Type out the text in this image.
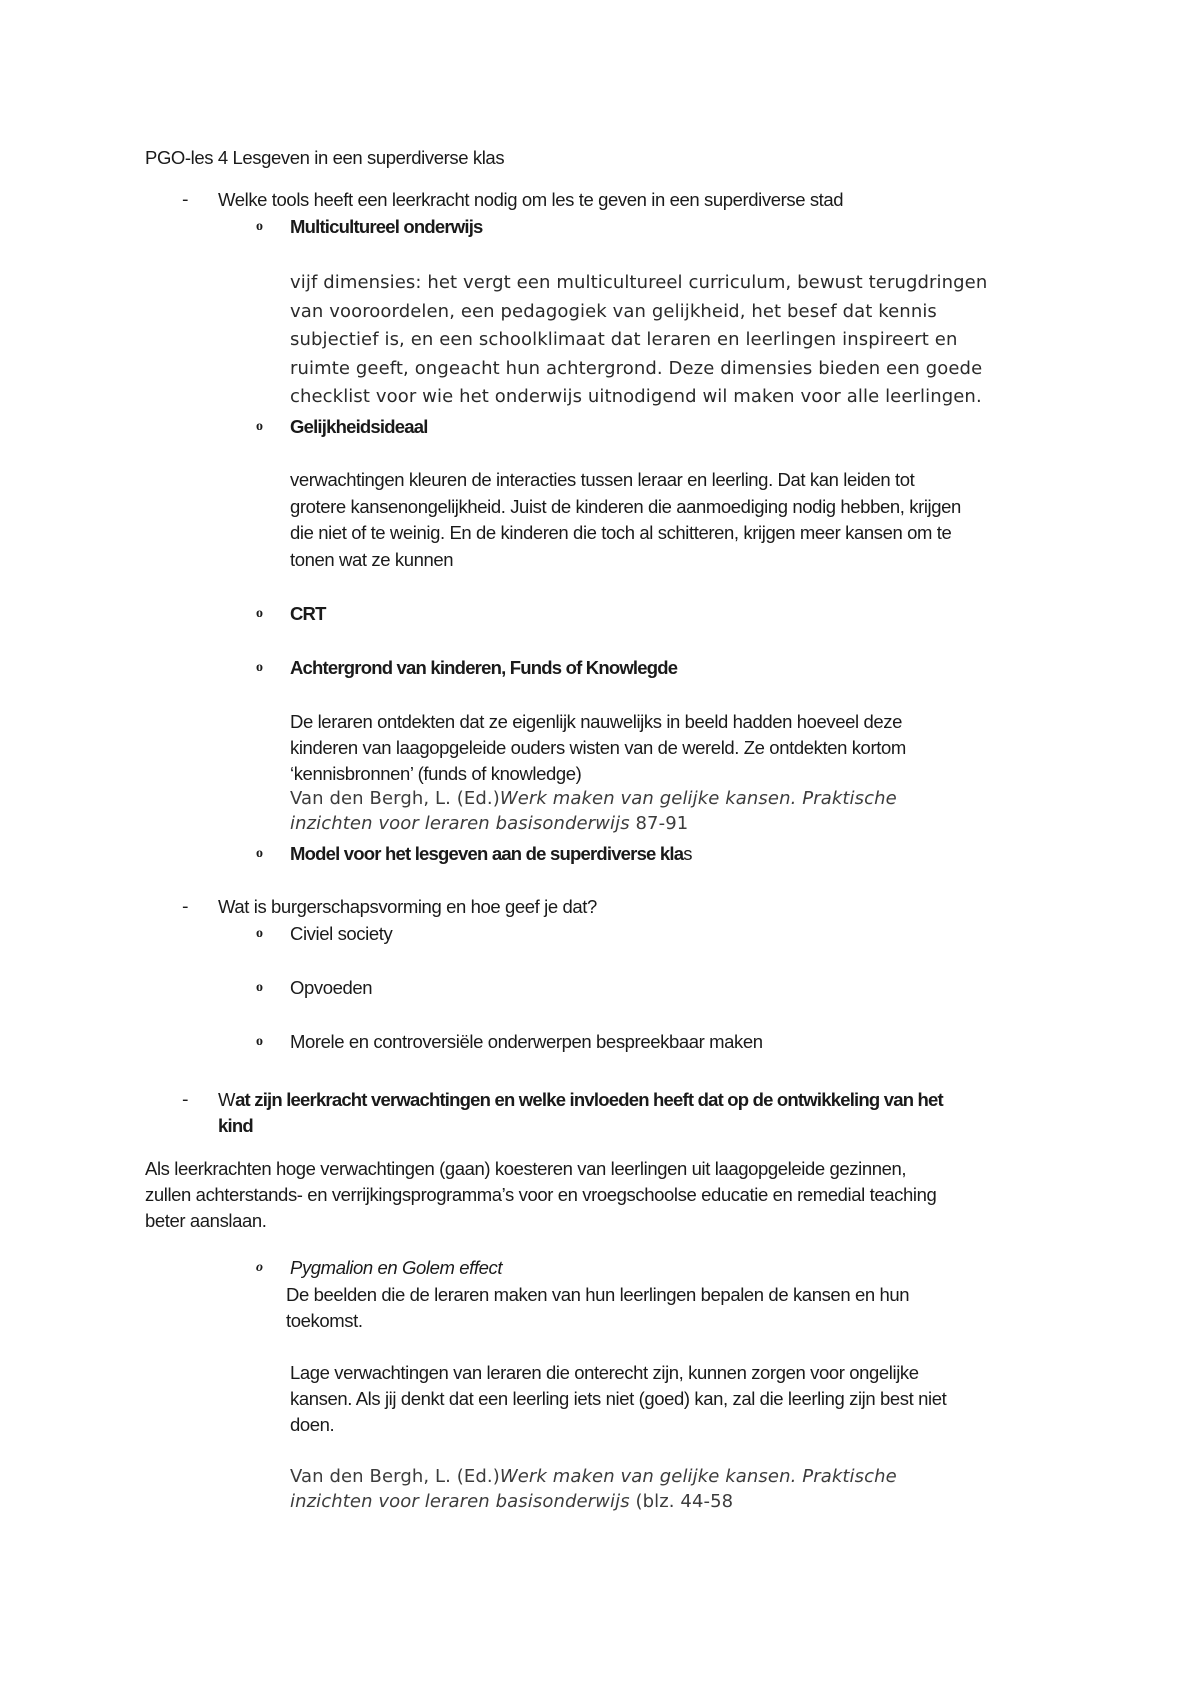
PGO-les 4 Lesgeven in een superdiverse klas
- Welke tools heeft een leerkracht nodig om les te geven in een superdiverse stad
o Multicultureel onderwijs
vijf dimensies: het vergt een multicultureel curriculum, bewust terugdringen
van vooroordelen, een pedagogiek van gelijkheid, het besef dat kennis
subjectief is, en een schoolklimaat dat leraren en leerlingen inspireert en
ruimte geeft, ongeacht hun achtergrond. Deze dimensies bieden een goede
checklist voor wie het onderwijs uitnodigend wil maken voor alle leerlingen.
o Gelijkheidsideaal
verwachtingen kleuren de interacties tussen leraar en leerling. Dat kan leiden tot
grotere kansenongelijkheid. Juist de kinderen die aanmoediging nodig hebben, krijgen
die niet of te weinig. En de kinderen die toch al schitteren, krijgen meer kansen om te
tonen wat ze kunnen
o CRT
o Achtergrond van kinderen, Funds of Knowlegde
De leraren ontdekten dat ze eigenlijk nauwelijks in beeld hadden hoeveel deze
kinderen van laagopgeleide ouders wisten van de wereld. Ze ontdekten kortom
‘kennisbronnen’ (funds of knowledge)
Van den Bergh, L. (Ed.)Werk maken van gelijke kansen. Praktische
inzichten voor leraren basisonderwijs 87-91
o Model voor het lesgeven aan de superdiverse klas
- Wat is burgerschapsvorming en hoe geef je dat?
o Civiel society
o Opvoeden
o Morele en controversiële onderwerpen bespreekbaar maken
- Wat zijn leerkracht verwachtingen en welke invloeden heeft dat op de ontwikkeling van het
kind
Als leerkrachten hoge verwachtingen (gaan) koesteren van leerlingen uit laagopgeleide gezinnen,
zullen achterstands- en verrijkingsprogramma’s voor en vroegschoolse educatie en remedial teaching
beter aanslaan.
o Pygmalion en Golem effect
De beelden die de leraren maken van hun leerlingen bepalen de kansen en hun
toekomst.
Lage verwachtingen van leraren die onterecht zijn, kunnen zorgen voor ongelijke
kansen. Als jij denkt dat een leerling iets niet (goed) kan, zal die leerling zijn best niet
doen.
Van den Bergh, L. (Ed.)Werk maken van gelijke kansen. Praktische
inzichten voor leraren basisonderwijs (blz. 44-58
